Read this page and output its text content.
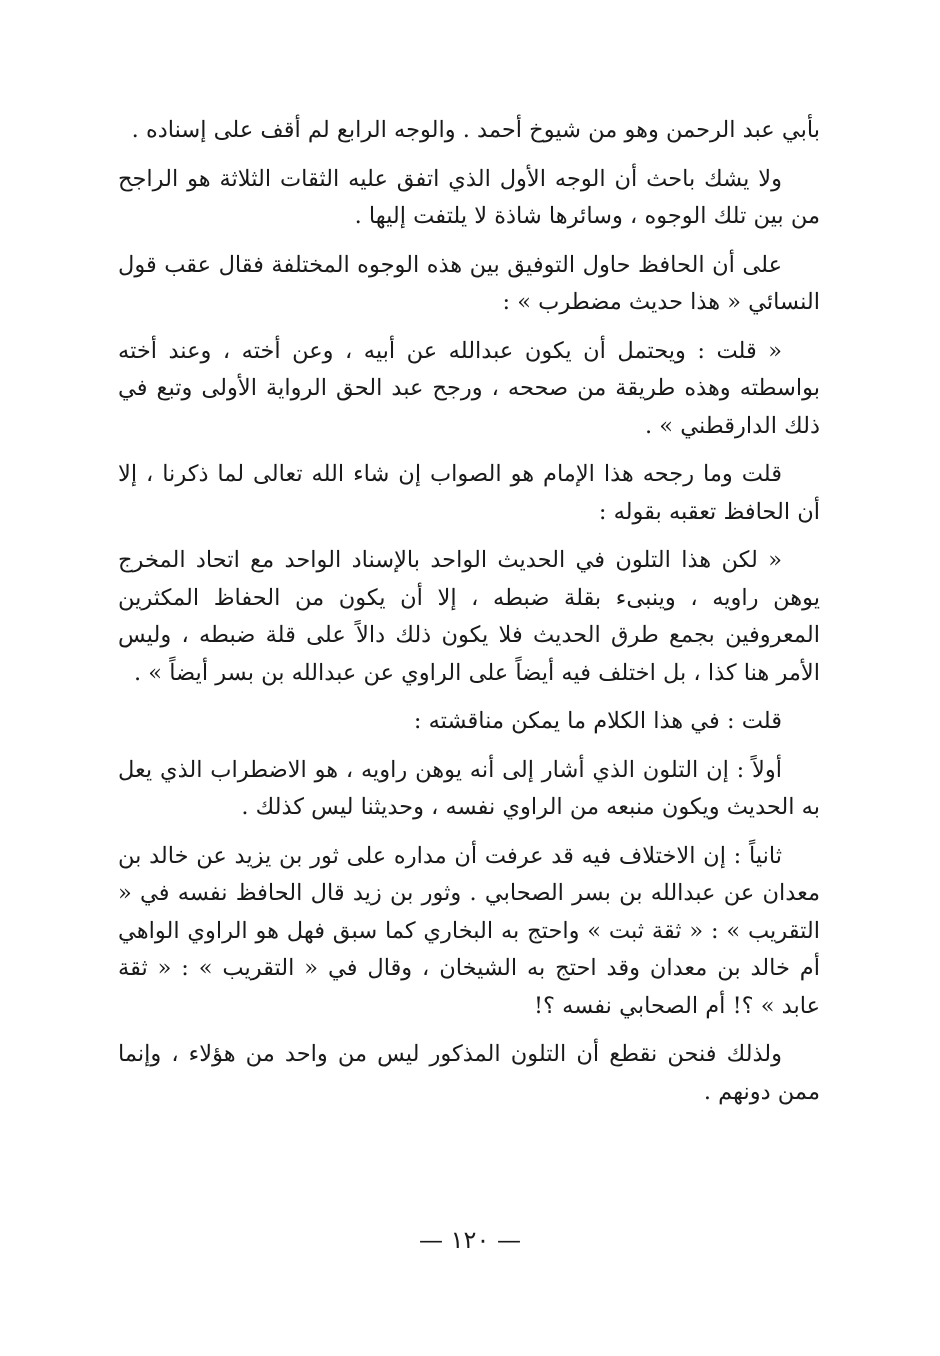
بأبي عبد الرحمن وهو من شيوخ أحمد . والوجه الرابع لم أقف على إسناده .

ولا يشك باحث أن الوجه الأول الذي اتفق عليه الثقات الثلاثة هو الراجح من بين تلك الوجوه ، وسائرها شاذة لا يلتفت إليها .

على أن الحافظ حاول التوفيق بين هذه الوجوه المختلفة فقال عقب قول النسائي « هذا حديث مضطرب » :

« قلت : ويحتمل أن يكون عبدالله عن أبيه ، وعن أخته ، وعند أخته بواسطته وهذه طريقة من صححه ، ورجح عبد الحق الرواية الأولى وتبع في ذلك الدارقطني » .

قلت وما رجحه هذا الإمام هو الصواب إن شاء الله تعالى لما ذكرنا ، إلا أن الحافظ تعقبه بقوله :

« لكن هذا التلون في الحديث الواحد بالإسناد الواحد مع اتحاد المخرج يوهن راويه ، وينبىء بقلة ضبطه ، إلا أن يكون من الحفاظ المكثرين المعروفين بجمع طرق الحديث فلا يكون ذلك دالاً على قلة ضبطه ، وليس الأمر هنا كذا ، بل اختلف فيه أيضاً على الراوي عن عبدالله بن بسر أيضاً » .

قلت : في هذا الكلام ما يمكن مناقشته :

أولاً : إن التلون الذي أشار إلى أنه يوهن راويه ، هو الاضطراب الذي يعل به الحديث ويكون منبعه من الراوي نفسه ، وحديثنا ليس كذلك .

ثانياً : إن الاختلاف فيه قد عرفت أن مداره على ثور بن يزيد عن خالد بن معدان عن عبدالله بن بسر الصحابي . وثور بن زيد قال الحافظ نفسه في « التقريب » : « ثقة ثبت » واحتج به البخاري كما سبق فهل هو الراوي الواهي أم خالد بن معدان وقد احتج به الشيخان ، وقال في « التقريب » : « ثقة عابد » ؟! أم الصحابي نفسه ؟!

ولذلك فنحن نقطع أن التلون المذكور ليس من واحد من هؤلاء ، وإنما ممن دونهم .

— ١٢٠ —
